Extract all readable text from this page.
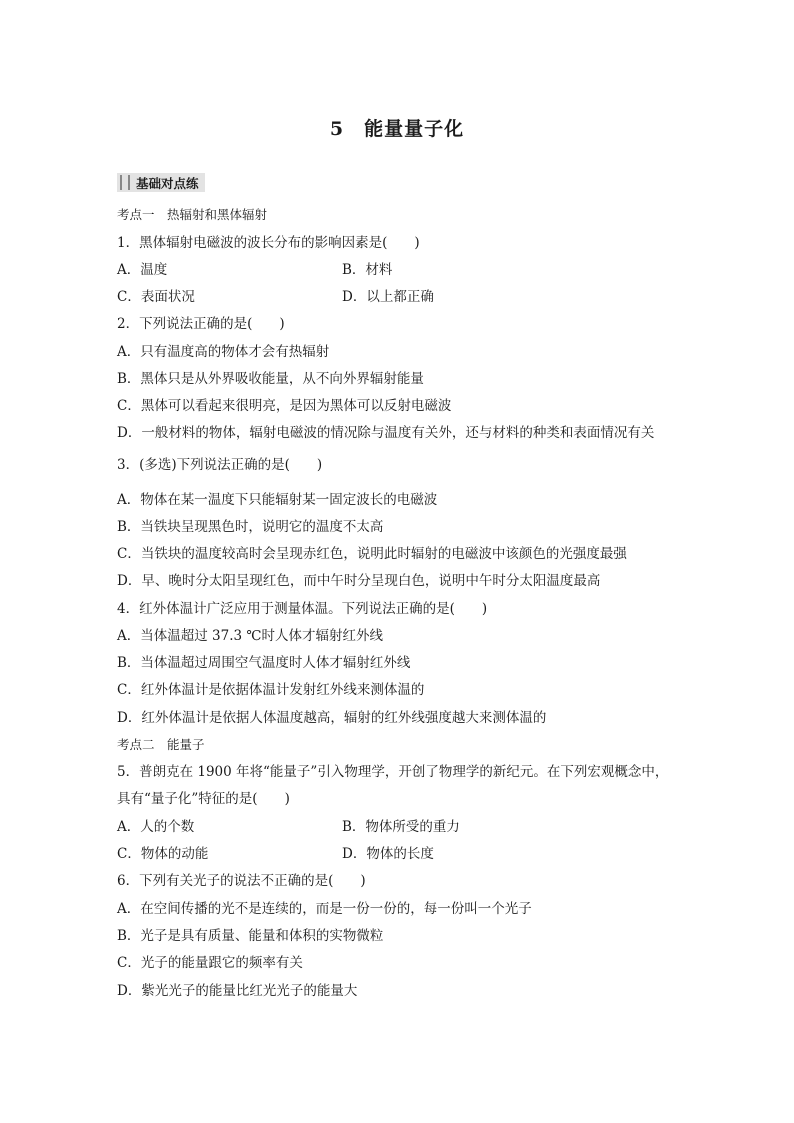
5　能量量子化
基础对点练
考点一　热辐射和黑体辐射
1．黑体辐射电磁波的波长分布的影响因素是(　　)
A．温度	B．材料
C．表面状况	D．以上都正确
2．下列说法正确的是(　　)
A．只有温度高的物体才会有热辐射
B．黑体只是从外界吸收能量，从不向外界辐射能量
C．黑体可以看起来很明亮，是因为黑体可以反射电磁波
D．一般材料的物体，辐射电磁波的情况除与温度有关外，还与材料的种类和表面情况有关
3．(多选)下列说法正确的是(　　)
A．物体在某一温度下只能辐射某一固定波长的电磁波
B．当铁块呈现黑色时，说明它的温度不太高
C．当铁块的温度较高时会呈现赤红色，说明此时辐射的电磁波中该颜色的光强度最强
D．早、晚时分太阳呈现红色，而中午时分呈现白色，说明中午时分太阳温度最高
4．红外体温计广泛应用于测量体温。下列说法正确的是(　　)
A．当体温超过 37.3 ℃时人体才辐射红外线
B．当体温超过周围空气温度时人体才辐射红外线
C．红外体温计是依据体温计发射红外线来测体温的
D．红外体温计是依据人体温度越高，辐射的红外线强度越大来测体温的
考点二　能量子
5．普朗克在 1900 年将“能量子”引入物理学，开创了物理学的新纪元。在下列宏观概念中，
具有“量子化”特征的是(　　)
A．人的个数	B．物体所受的重力
C．物体的动能	D．物体的长度
6．下列有关光子的说法不正确的是(　　)
A．在空间传播的光不是连续的，而是一份一份的，每一份叫一个光子
B．光子是具有质量、能量和体积的实物微粒
C．光子的能量跟它的频率有关
D．紫光光子的能量比红光光子的能量大
